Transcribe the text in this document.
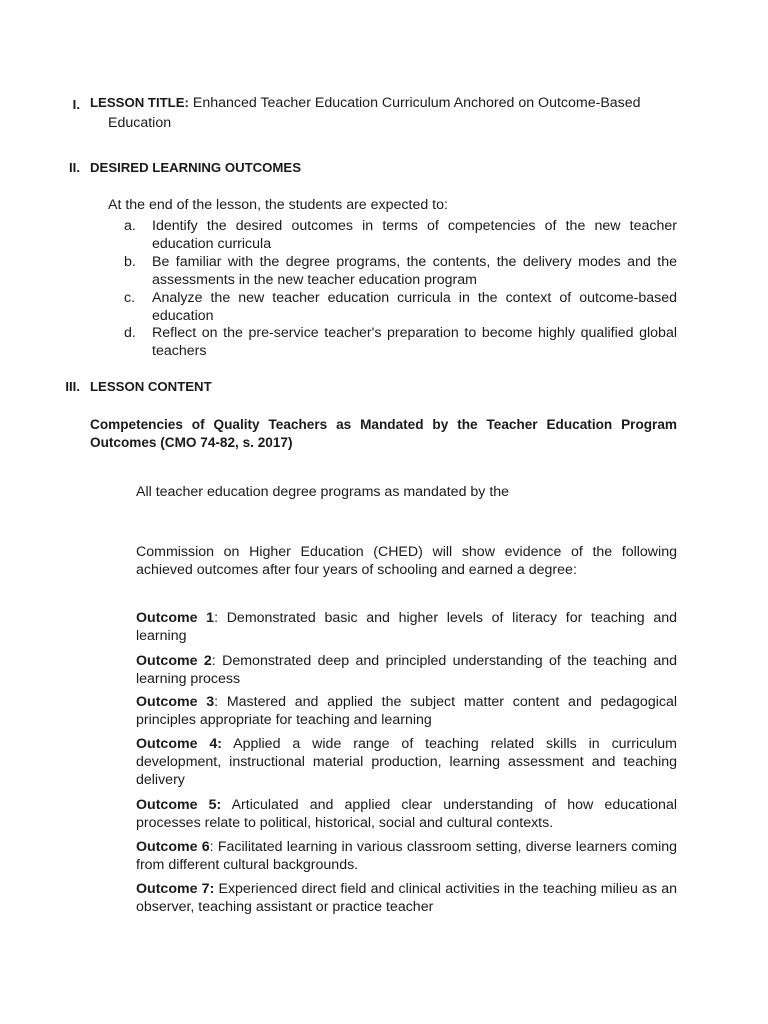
I. LESSON TITLE: Enhanced Teacher Education Curriculum Anchored on Outcome-Based
Education
II. DESIRED LEARNING OUTCOMES
At the end of the lesson, the students are expected to:
a. Identify the desired outcomes in terms of competencies of the new teacher education curricula
b. Be familiar with the degree programs, the contents, the delivery modes and the assessments in the new teacher education program
c.	Analyze the new teacher education curricula in the context of outcome-based education
d. Reflect on the pre-service teacher's preparation to become highly qualified global teachers
III. LESSON CONTENT
Competencies of Quality Teachers as Mandated by the Teacher Education Program Outcomes (CMO 74-82, s. 2017)
All teacher education degree programs as mandated by the
Commission on Higher Education (CHED) will show evidence of the following achieved outcomes after four years of schooling and earned a degree:
Outcome 1: Demonstrated basic and higher levels of literacy for teaching and learning
Outcome 2: Demonstrated deep and principled understanding of the teaching and learning process
Outcome 3: Mastered and applied the subject matter content and pedagogical principles appropriate for teaching and learning
Outcome 4: Applied a wide range of teaching related skills in curriculum development, instructional material production, learning assessment and teaching delivery
Outcome 5: Articulated and applied clear understanding of how educational processes relate to political, historical, social and cultural contexts.
Outcome 6: Facilitated learning in various classroom setting, diverse learners coming from different cultural backgrounds.
Outcome 7: Experienced direct field and clinical activities in the teaching milieu as an observer, teaching assistant or practice teacher
